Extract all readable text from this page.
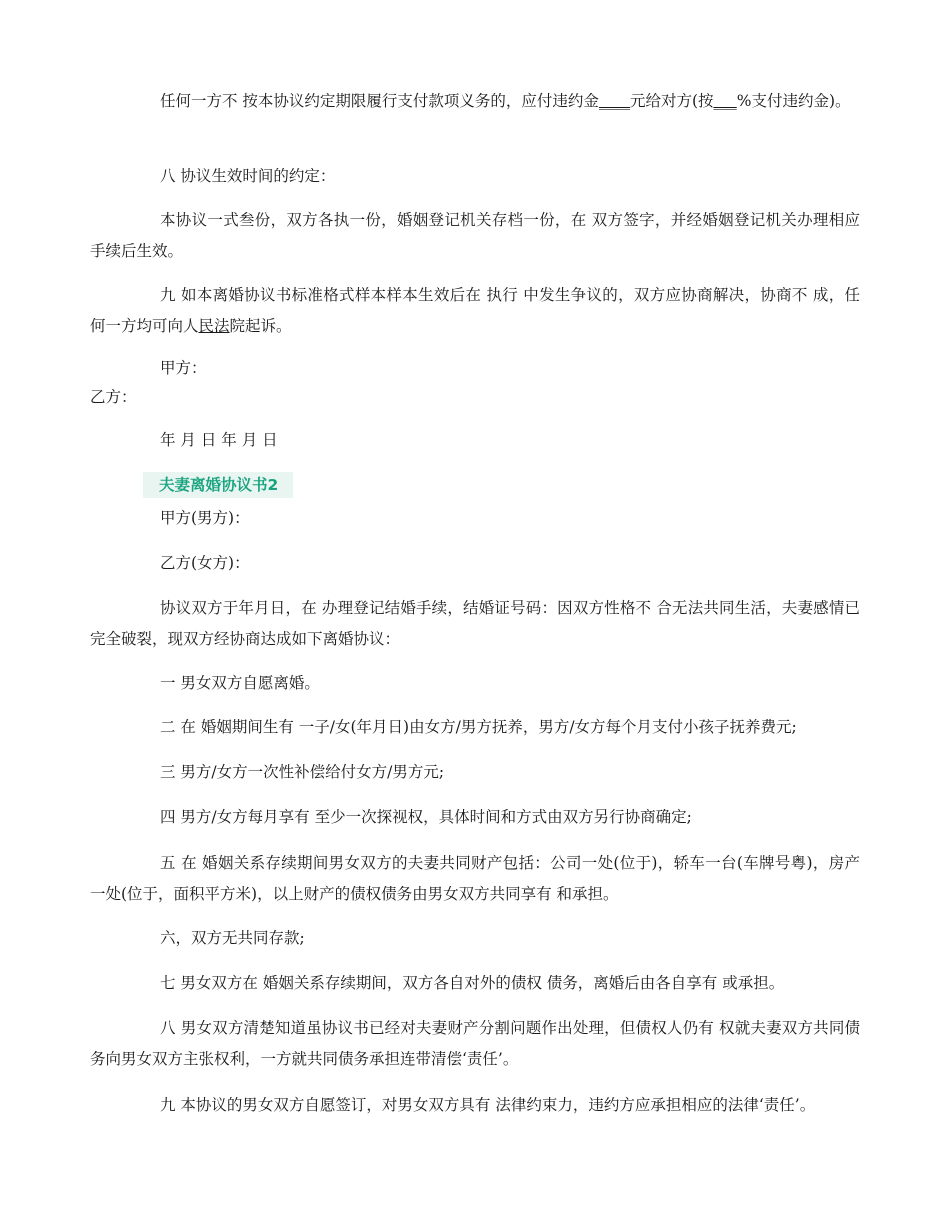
任何一方不 按本协议约定期限履行支付款项义务的，应付违约金____元给对方(按___%支付违约金)。

八 协议生效时间的约定：

本协议一式叁份，双方各执一份，婚姻登记机关存档一份，在 双方签字，并经婚姻登记机关办理相应手续后生效。

九 如本离婚协议书标准格式样本样本生效后在 执行 中发生争议的，双方应协商解决，协商不 成，任何一方均可向人民法院起诉。

甲方：

乙方：

年 月 日 年 月 日

夫妻离婚协议书2

甲方(男方)：

乙方(女方)：

协议双方于年月日，在 办理登记结婚手续，结婚证号码：因双方性格不 合无法共同生活，夫妻感情已完全破裂，现双方经协商达成如下离婚协议：

一 男女双方自愿离婚。

二 在 婚姻期间生有 一子/女(年月日)由女方/男方抚养，男方/女方每个月支付小孩子抚养费元;

三 男方/女方一次性补偿给付女方/男方元;

四 男方/女方每月享有 至少一次探视权，具体时间和方式由双方另行协商确定;

五 在 婚姻关系存续期间男女双方的夫妻共同财产包括：公司一处(位于)，轿车一台(车牌号粤)，房产一处(位于，面积平方米)，以上财产的债权债务由男女双方共同享有 和承担。

六，双方无共同存款;

七 男女双方在 婚姻关系存续期间，双方各自对外的债权 债务，离婚后由各自享有 或承担。

八 男女双方清楚知道虽协议书已经对夫妻财产分割问题作出处理，但债权人仍有 权就夫妻双方共同债务向男女双方主张权利，一方就共同债务承担连带清偿‘责任’。

九 本协议的男女双方自愿签订，对男女双方具有 法律约束力，违约方应承担相应的法律‘责任’。
